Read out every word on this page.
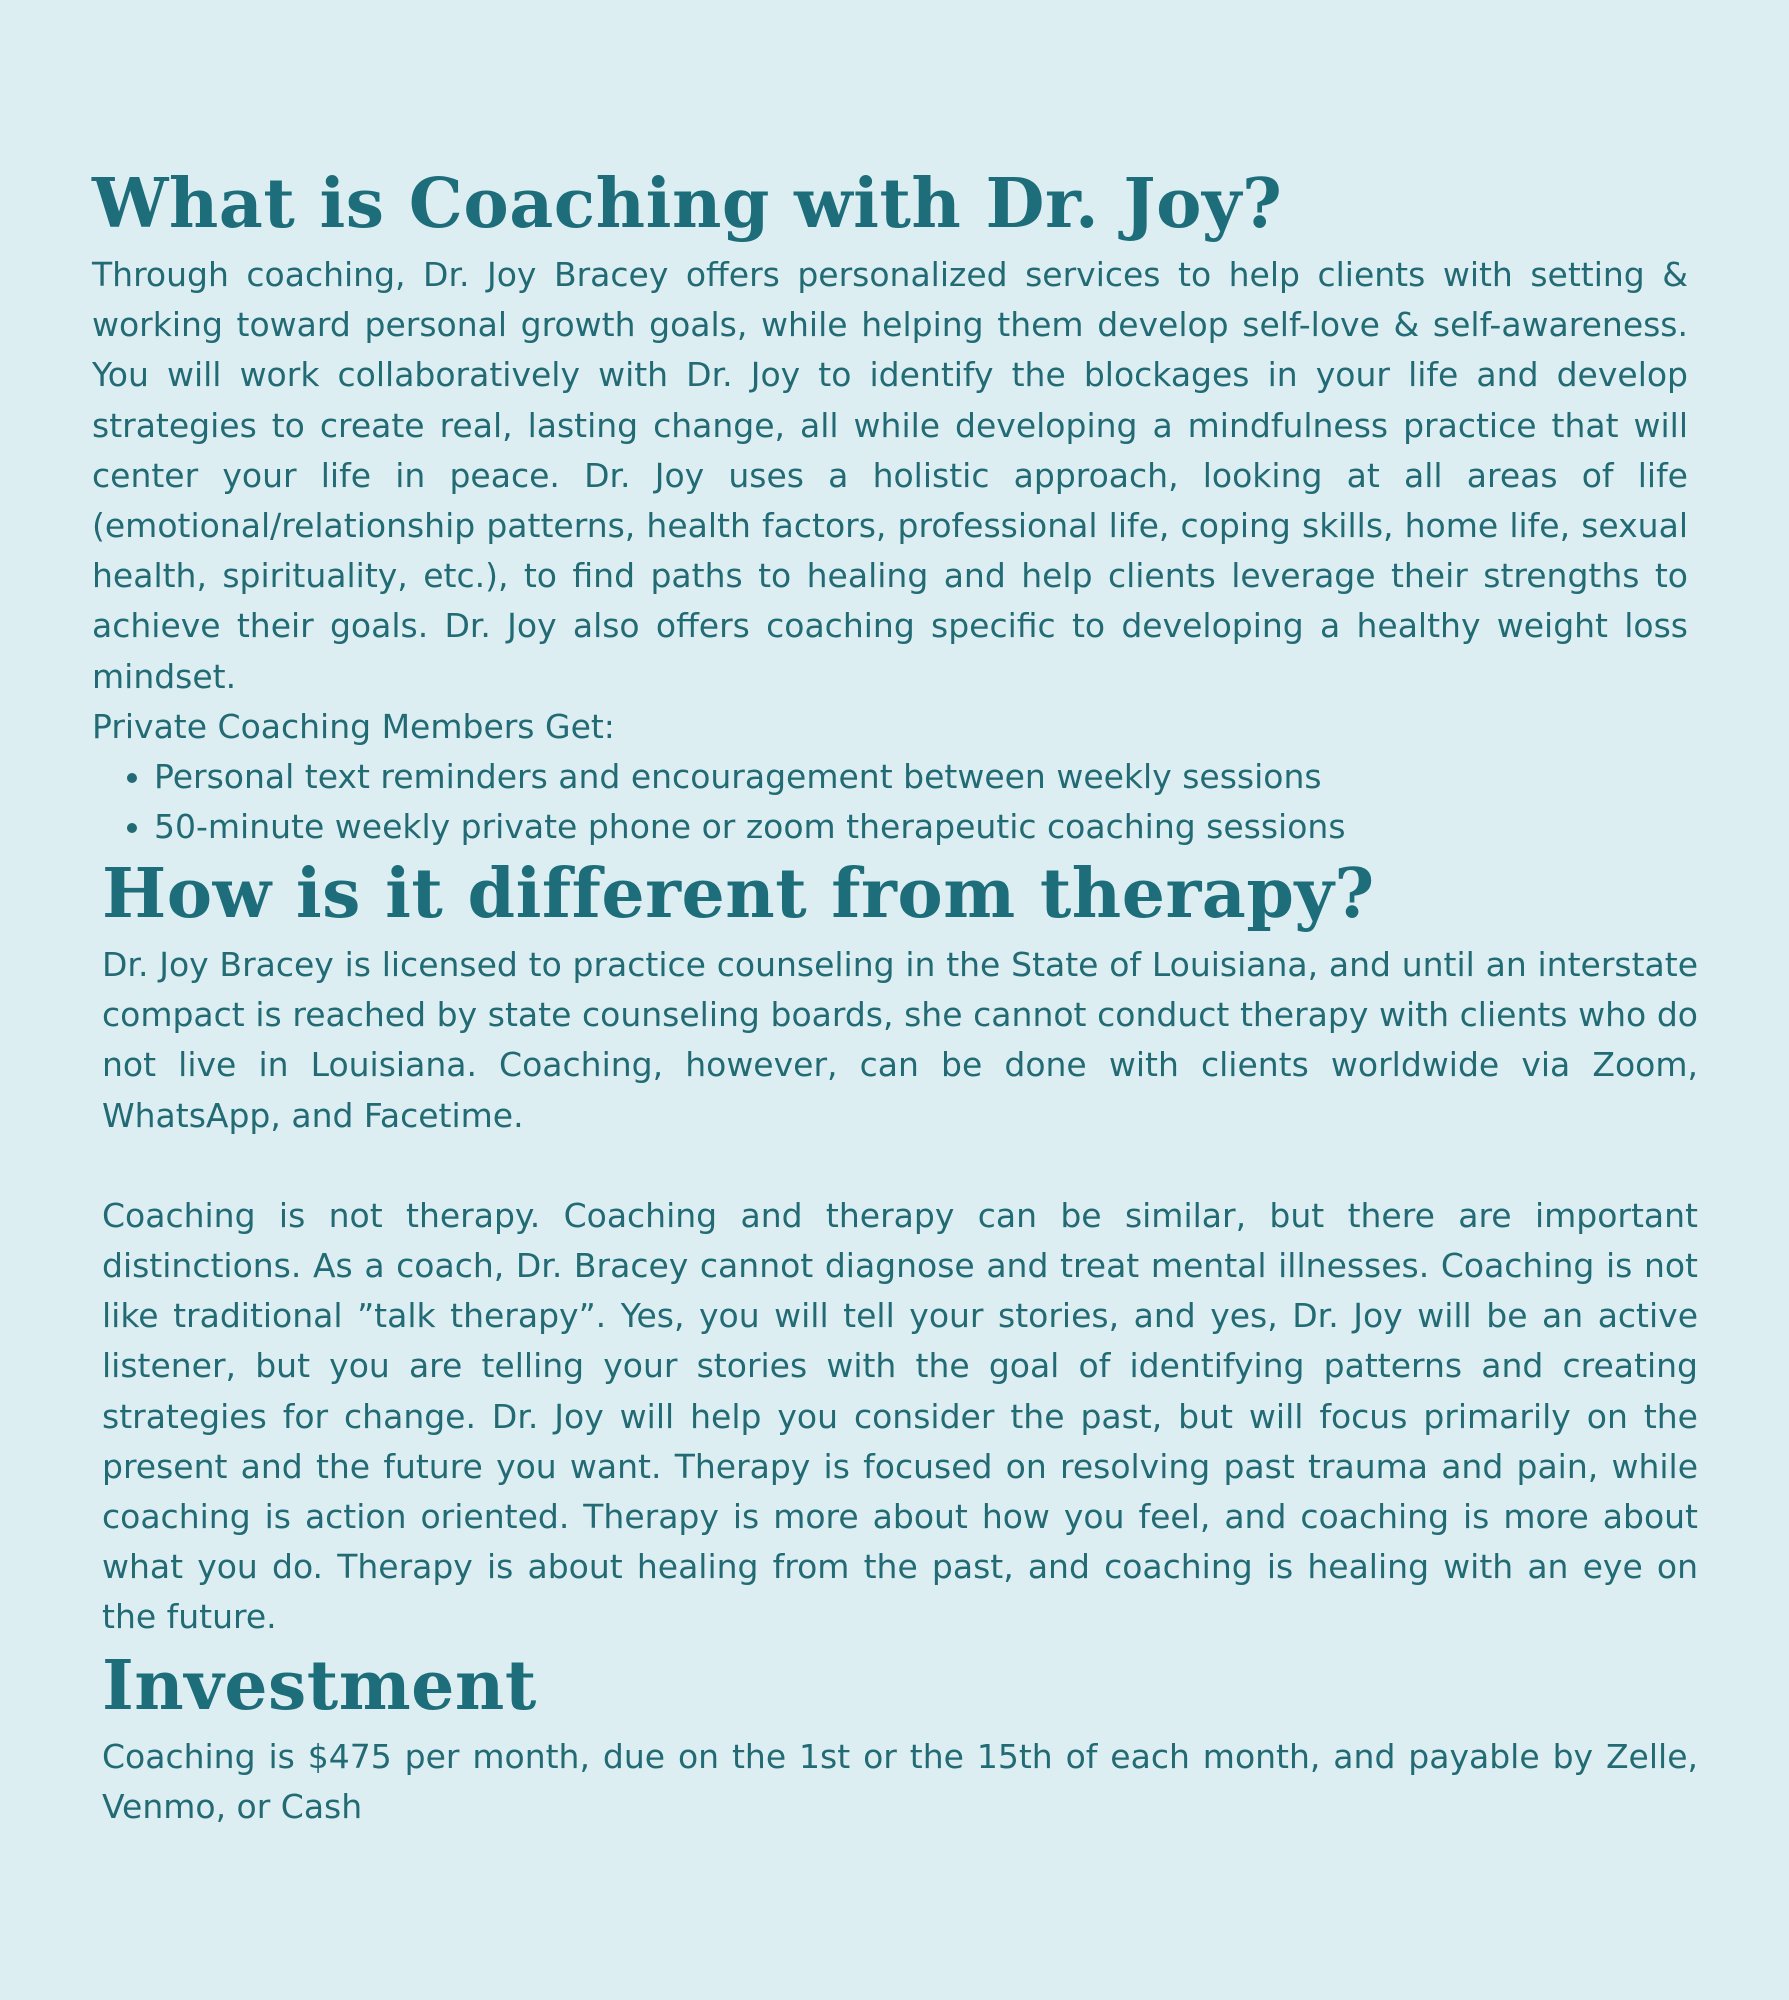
What is Coaching with Dr. Joy?

Through coaching, Dr. Joy Bracey offers personalized services to help clients with setting & working toward personal growth goals, while helping them develop self-love & self-awareness. You will work collaboratively with Dr. Joy to identify the blockages in your life and develop strategies to create real, lasting change, all while developing a mindfulness practice that will center your life in peace. Dr. Joy uses a holistic approach, looking at all areas of life (emotional/relationship patterns, health factors, professional life, coping skills, home life, sexual health, spirituality, etc.), to find paths to healing and help clients leverage their strengths to achieve their goals. Dr. Joy also offers coaching specific to developing a healthy weight loss mindset.

Private Coaching Members Get:

• Personal text reminders and encouragement between weekly sessions
• 50-minute weekly private phone or zoom therapeutic coaching sessions
How is it different from therapy?

Dr. Joy Bracey is licensed to practice counseling in the State of Louisiana, and until an interstate compact is reached by state counseling boards, she cannot conduct therapy with clients who do not live in Louisiana. Coaching, however, can be done with clients worldwide via Zoom, WhatsApp, and Facetime.

Coaching is not therapy. Coaching and therapy can be similar, but there are important distinctions. As a coach, Dr. Bracey cannot diagnose and treat mental illnesses. Coaching is not like traditional ”talk therapy”. Yes, you will tell your stories, and yes, Dr. Joy will be an active listener, but you are telling your stories with the goal of identifying patterns and creating strategies for change. Dr. Joy will help you consider the past, but will focus primarily on the present and the future you want. Therapy is focused on resolving past trauma and pain, while coaching is action oriented. Therapy is more about how you feel, and coaching is more about what you do. Therapy is about healing from the past, and coaching is healing with an eye on the future.

Investment

Coaching is $475 per month, due on the 1st or the 15th of each month, and payable by Zelle, Venmo, or Cash
